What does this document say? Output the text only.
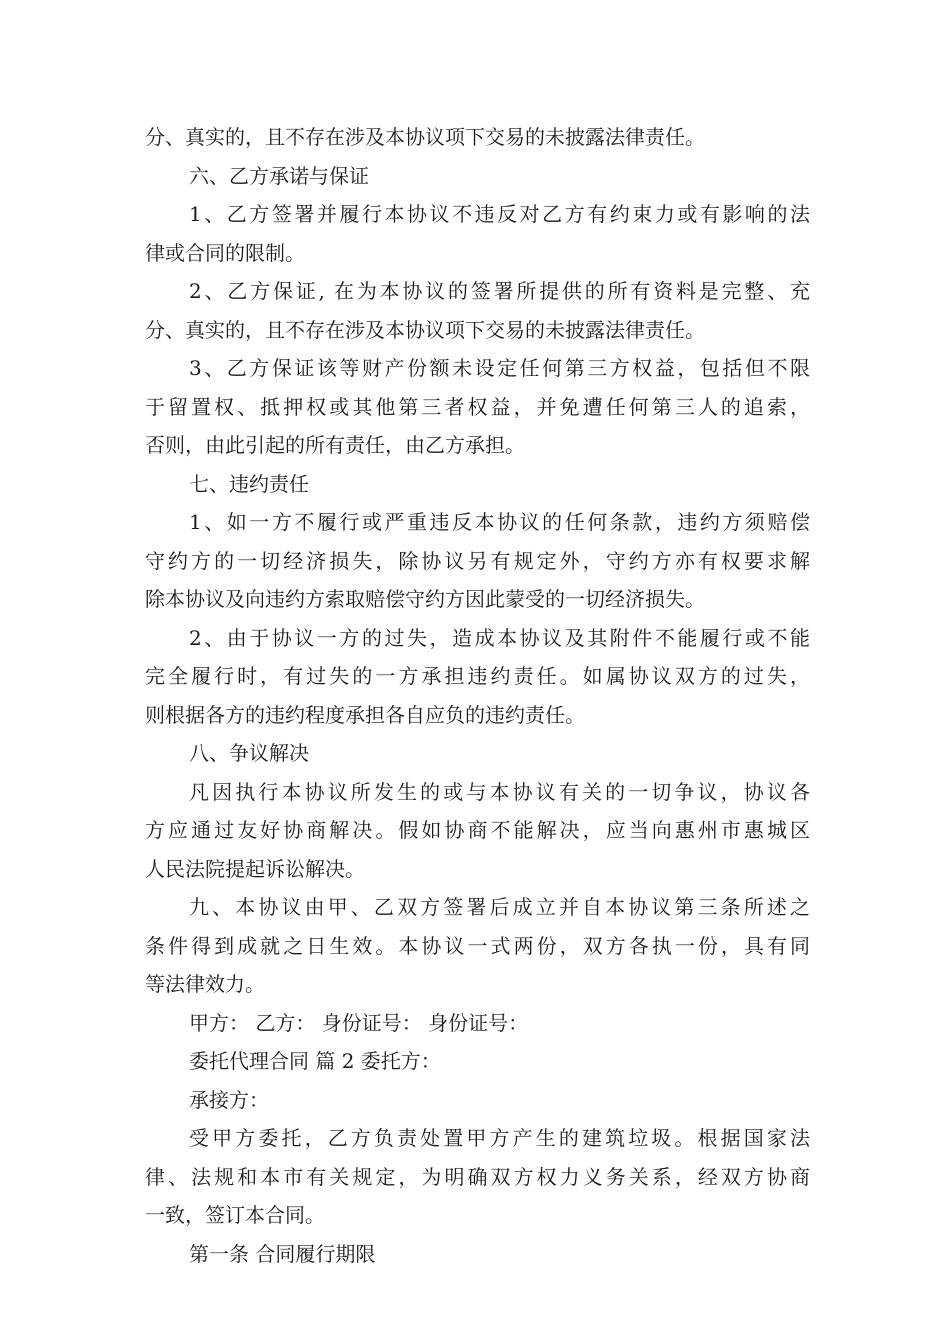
分、真实的，且不存在涉及本协议项下交易的未披露法律责任。
六、乙方承诺与保证
1、乙方签署并履行本协议不违反对乙方有约束力或有影响的法
律或合同的限制。
2、乙方保证, 在为本协议的签署所提供的所有资料是完整、充
分、真实的，且不存在涉及本协议项下交易的未披露法律责任。
3、乙方保证该等财产份额未设定任何第三方权益，包括但不限
于留置权、抵押权或其他第三者权益，并免遭任何第三人的追索，
否则，由此引起的所有责任，由乙方承担。
七、违约责任
1、如一方不履行或严重违反本协议的任何条款，违约方须赔偿
守约方的一切经济损失，除协议另有规定外，守约方亦有权要求解
除本协议及向违约方索取赔偿守约方因此蒙受的一切经济损失。
2、由于协议一方的过失，造成本协议及其附件不能履行或不能
完全履行时，有过失的一方承担违约责任。如属协议双方的过失，
则根据各方的违约程度承担各自应负的违约责任。
八、争议解决
凡因执行本协议所发生的或与本协议有关的一切争议，协议各
方应通过友好协商解决。假如协商不能解决，应当向惠州市惠城区
人民法院提起诉讼解决。
九、本协议由甲、乙双方签署后成立并自本协议第三条所述之
条件得到成就之日生效。本协议一式两份，双方各执一份，具有同
等法律效力。
甲方： 乙方： 身份证号： 身份证号：
委托代理合同 篇 2 委托方：
承接方：
受甲方委托，乙方负责处置甲方产生的建筑垃圾。根据国家法
律、法规和本市有关规定，为明确双方权力义务关系，经双方协商
一致，签订本合同。
第一条 合同履行期限
